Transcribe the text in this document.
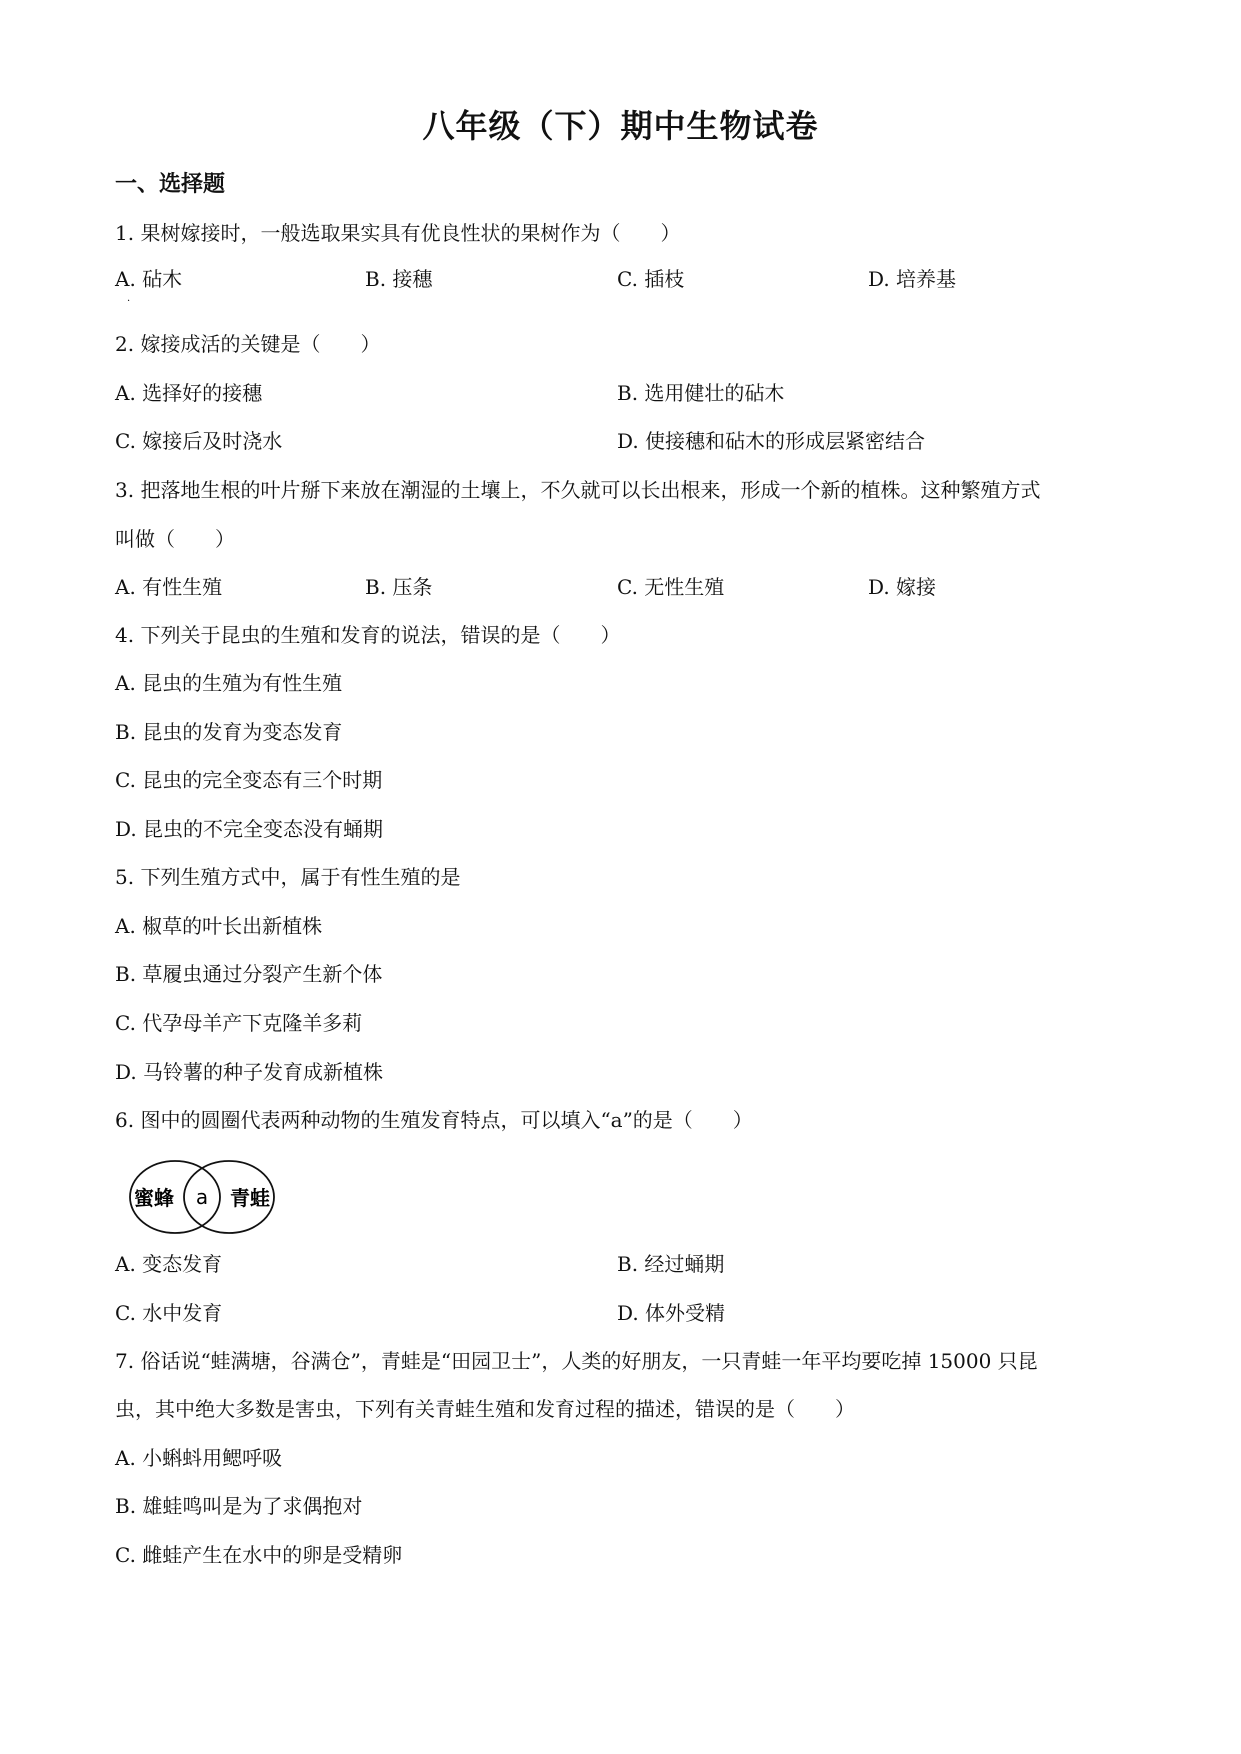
八年级（下）期中生物试卷
一、选择题
1. 果树嫁接时，一般选取果实具有优良性状的果树作为（　　）
A. 砧木	B. 接穗	C. 插枝	D. 培养基
·
2. 嫁接成活的关键是（　　）
A. 选择好的接穗	B. 选用健壮的砧木
C. 嫁接后及时浇水	D. 使接穗和砧木的形成层紧密结合
3. 把落地生根的叶片掰下来放在潮湿的土壤上，不久就可以长出根来，形成一个新的植株。这种繁殖方式
叫做（　　）
A. 有性生殖	B. 压条	C. 无性生殖	D. 嫁接
4. 下列关于昆虫的生殖和发育的说法，错误的是（　　）
A. 昆虫的生殖为有性生殖
B. 昆虫的发育为变态发育
C. 昆虫的完全变态有三个时期
D. 昆虫的不完全变态没有蛹期
5. 下列生殖方式中，属于有性生殖的是
A. 椒草的叶长出新植株
B. 草履虫通过分裂产生新个体
C. 代孕母羊产下克隆羊多莉
D. 马铃薯的种子发育成新植株
6. 图中的圆圈代表两种动物的生殖发育特点，可以填入“a”的是（　　）
蜜蜂 a 青蛙
A. 变态发育	B. 经过蛹期
C. 水中发育	D. 体外受精
7. 俗话说“蛙满塘，谷满仓”，青蛙是“田园卫士”，人类的好朋友，一只青蛙一年平均要吃掉 15000 只昆
虫，其中绝大多数是害虫，下列有关青蛙生殖和发育过程的描述，错误的是（　　）
A. 小蝌蚪用鳃呼吸
B. 雄蛙鸣叫是为了求偶抱对
C. 雌蛙产生在水中的卵是受精卵
